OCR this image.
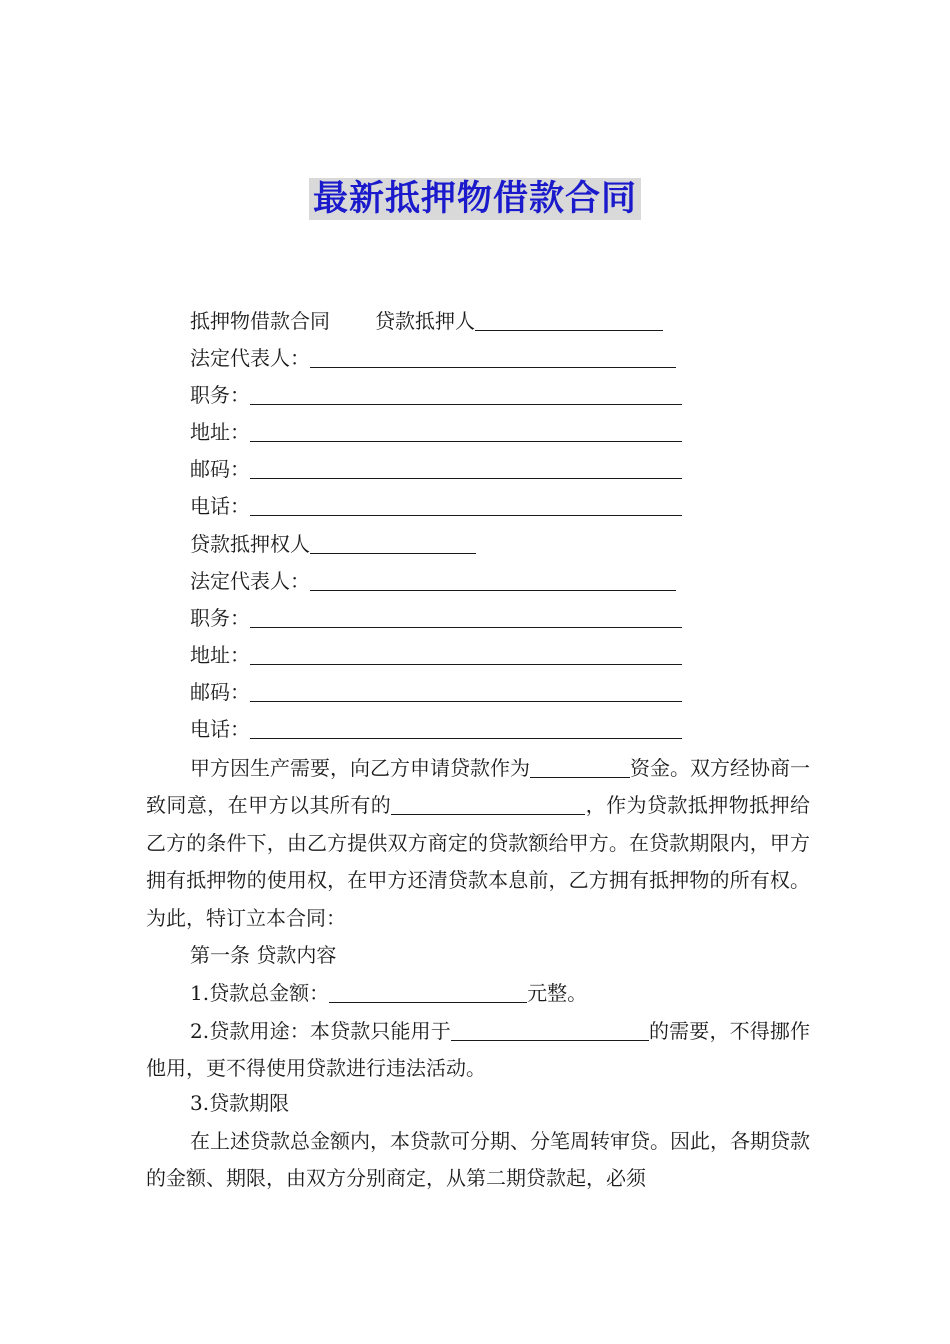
最新抵押物借款合同
抵押物借款合同 贷款抵押人
法定代表人：
职务：
地址：
邮码：
电话：
贷款抵押权人
法定代表人：
职务：
地址：
邮码：
电话：
甲方因生产需要，向乙方申请贷款作为	资金。双方经协商一致同意，在甲方以其所有的	，作为贷款抵押物抵押给乙方的条件下，由乙方提供双方商定的贷款额给甲方。在贷款期限内，甲方拥有抵押物的使用权，在甲方还清贷款本息前，乙方拥有抵押物的所有权。为此，特订立本合同：
第一条 贷款内容
1.贷款总金额：	元整。
2.贷款用途：本贷款只能用于	的需要，不得挪作他用，更不得使用贷款进行违法活动。
3.贷款期限
在上述贷款总金额内，本贷款可分期、分笔周转审贷。因此，各期贷款的金额、期限，由双方分别商定，从第二期贷款起，必须
